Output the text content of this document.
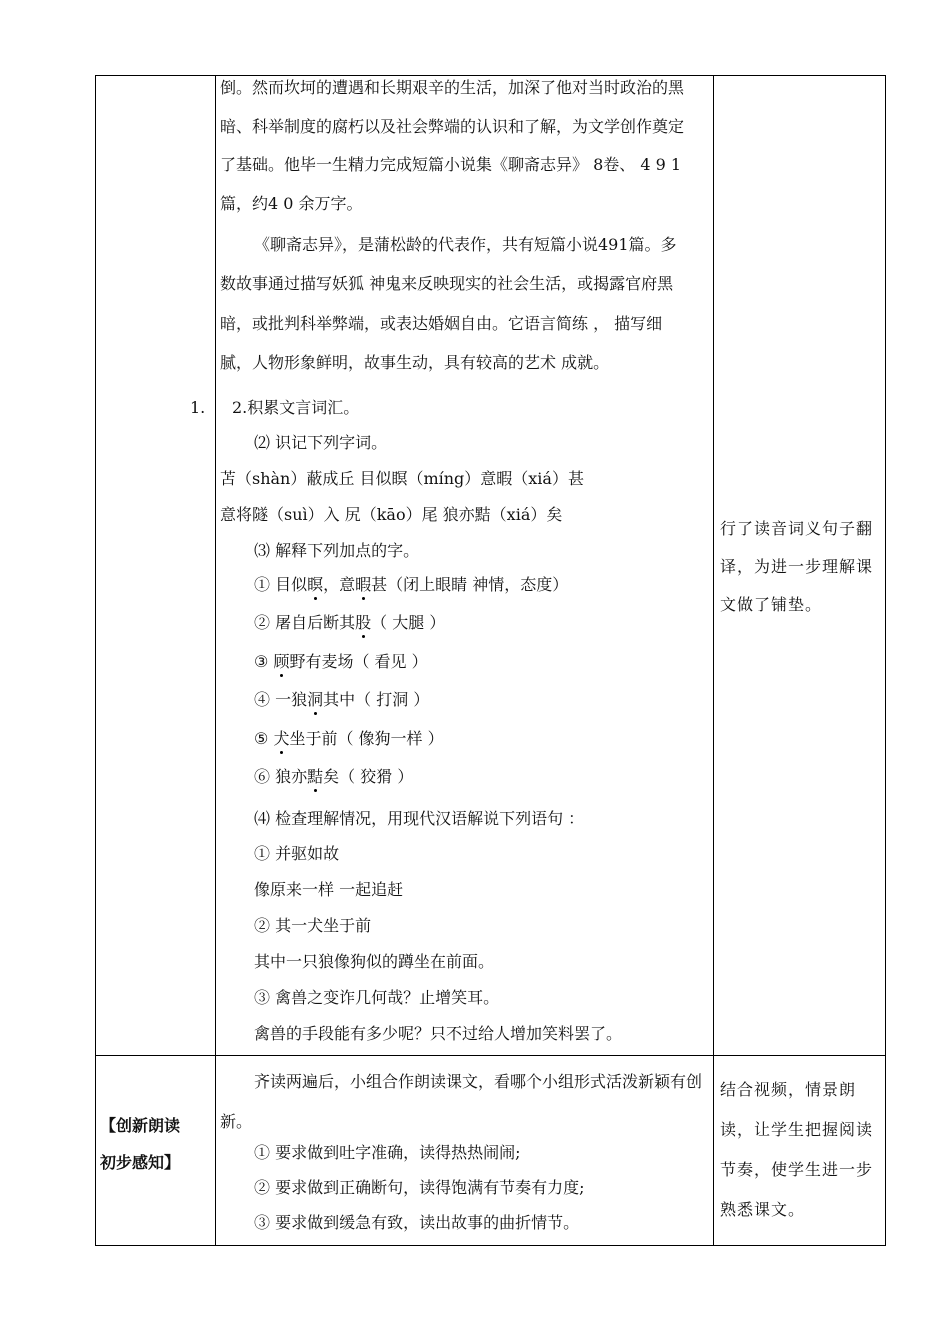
1.
倒。然而坎坷的遭遇和长期艰辛的生活，加深了他对当时政治的黑
暗、科举制度的腐朽以及社会弊端的认识和了解，为文学创作奠定
了基础。他毕一生精力完成短篇小说集《聊斋志异》 8卷、 4 9 1
篇，约4 0 余万字。
《聊斋志异》，是蒲松龄的代表作，共有短篇小说491篇。多
数故事通过描写妖狐 神鬼来反映现实的社会生活，或揭露官府黑
暗，或批判科举弊端，或表达婚姻自由。它语言简练 ， 描写细
腻，人物形象鲜明，故事生动，具有较高的艺术 成就。
2.积累文言词汇。
⑵ 识记下列字词。
苫（shàn）蔽成丘 目似瞑（míng）意暇（xiá）甚
意将隧（suì）入 尻（kāo）尾 狼亦黠（xiá）矣
⑶ 解释下列加点的字。
① 目似瞑，意暇甚（闭上眼睛 神情，态度）
② 屠自后断其股（ 大腿 ）
③ 顾野有麦场（ 看见 ）
④ 一狼洞其中（ 打洞 ）
⑤ 犬坐于前（ 像狗一样 ）
⑥ 狼亦黠矣（ 狡猾 ）
⑷ 检查理解情况，用现代汉语解说下列语句 ：
① 并驱如故
像原来一样 一起追赶
② 其一犬坐于前
其中一只狼像狗似的蹲坐在前面。
③ 禽兽之变诈几何哉？止增笑耳。
禽兽的手段能有多少呢？只不过给人增加笑料罢了。
行了读音词义句子翻译，为进一步理解课文做了铺垫。
【创新朗读
初步感知】
齐读两遍后，小组合作朗读课文，看哪个小组形式活泼新颖有创新。
① 要求做到吐字准确，读得热热闹闹;
② 要求做到正确断句，读得饱满有节奏有力度;
③ 要求做到缓急有致，读出故事的曲折情节。
结合视频，情景朗读，让学生把握阅读节奏，使学生进一步熟悉课文。
